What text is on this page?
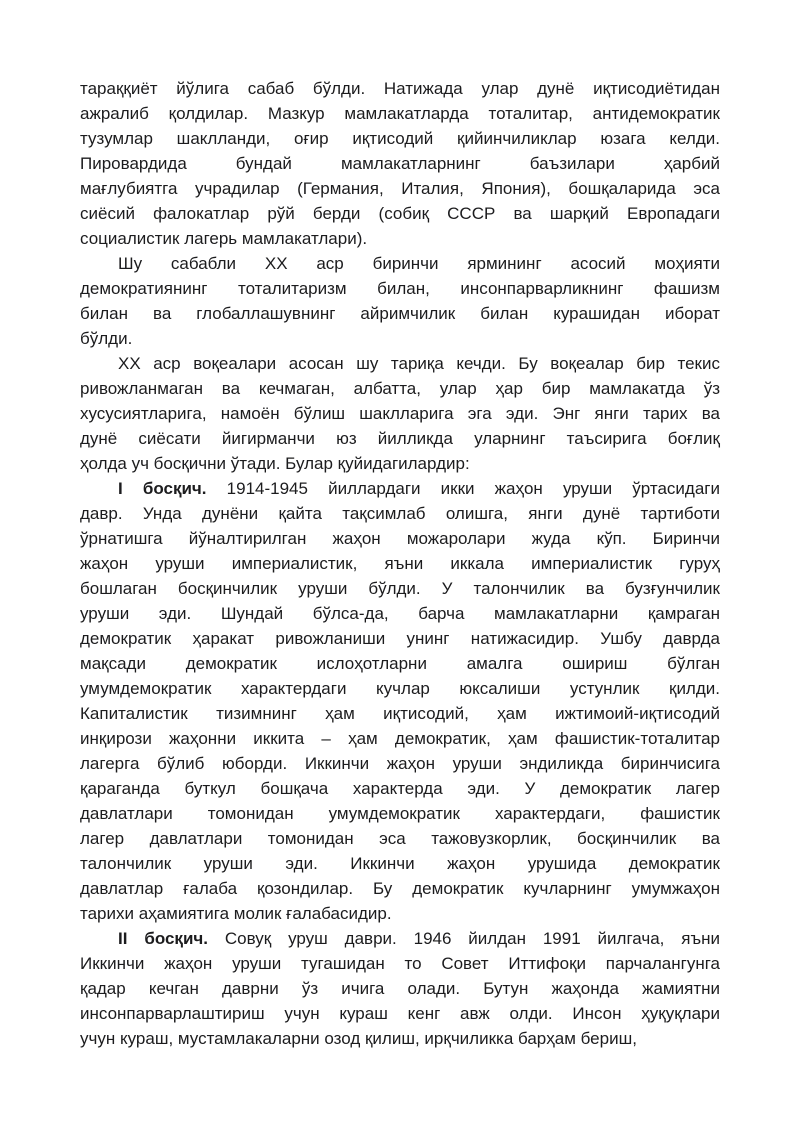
тараққиёт йўлига сабаб бўлди. Натижада улар дунё иқтисодиётидан
ажралиб қолдилар. Мазкур мамлакатларда тоталитар, антидемократик
тузумлар шаклланди, оғир иқтисодий қийинчиликлар юзага келди.
Пировардида бундай мамлакатларнинг баъзилари ҳарбий
мағлубиятга учрадилар (Германия, Италия, Япония), бошқаларида эса
сиёсий фалокатлар рўй берди (собиқ СССР ва шарқий Европадаги
социалистик лагерь мамлакатлари).
Шу сабабли XX аср биринчи ярмининг асосий моҳияти
демократиянинг тоталитаризм билан, инсонпарварликнинг фашизм
билан ва глобаллашувнинг айримчилик билан курашидан иборат
бўлди.
XX аср воқеалари асосан шу тариқа кечди. Бу воқеалар бир текис
ривожланмаган ва кечмаган, албатта, улар ҳар бир мамлакатда ўз
хусусиятларига, намоён бўлиш шаклларига эга эди. Энг янги тарих ва
дунё сиёсати йигирманчи юз йилликда уларнинг таъсирига боғлиқ
ҳолда уч босқични ўтади. Булар қуйидагилардир:
I босқич. 1914-1945 йиллардаги икки жаҳон уруши ўртасидаги
давр. Унда дунёни қайта тақсимлаб олишга, янги дунё тартиботи
ўрнатишга йўналтирилган жаҳон можаролари жуда кўп. Биринчи
жаҳон уруши империалистик, яъни иккала империалистик гуруҳ
бошлаган босқинчилик уруши бўлди. У талончилик ва бузғунчилик
уруши эди. Шундай бўлса-да, барча мамлакатларни қамраган
демократик ҳаракат ривожланиши унинг натижасидир. Ушбу даврда
мақсади демократик ислоҳотларни амалга ошириш бўлган
умумдемократик характердаги кучлар юксалиши устунлик қилди.
Капиталистик тизимнинг ҳам иқтисодий, ҳам ижтимоий-иқтисодий
инқирози жаҳонни иккита – ҳам демократик, ҳам фашистик-тоталитар
лагерга бўлиб юборди. Иккинчи жаҳон уруши эндиликда биринчисига
қараганда буткул бошқача характерда эди. У демократик лагер
давлатлари томонидан умумдемократик характердаги, фашистик
лагер давлатлари томонидан эса тажовузкорлик, босқинчилик ва
талончилик уруши эди. Иккинчи жаҳон урушида демократик
давлатлар ғалаба қозондилар. Бу демократик кучларнинг умумжаҳон
тарихи аҳамиятига молик ғалабасидир.
II босқич. Совуқ уруш даври. 1946 йилдан 1991 йилгача, яъни
Иккинчи жаҳон уруши тугашидан то Совет Иттифоқи парчалангунга
қадар кечган даврни ўз ичига олади. Бутун жаҳонда жамиятни
инсонпарварлаштириш учун кураш кенг авж олди. Инсон ҳуқуқлари
учун кураш, мустамлакаларни озод қилиш, ирқчиликка барҳам бериш,
